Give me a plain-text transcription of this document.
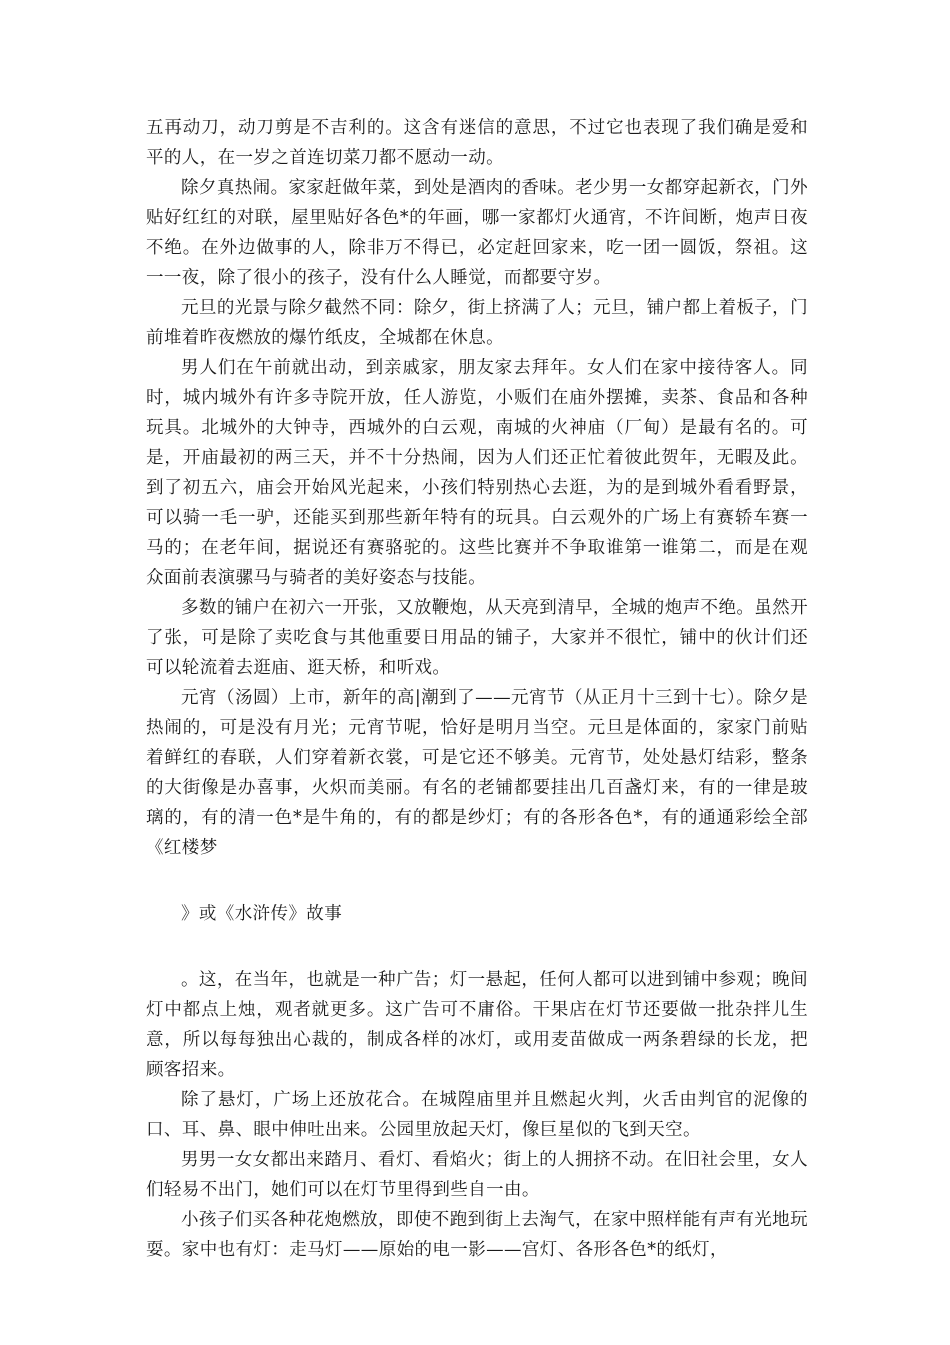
五再动刀，动刀剪是不吉利的。这含有迷信的意思，不过它也表现了我们确是爱和平的人，在一岁之首连切菜刀都不愿动一动。

除夕真热闹。家家赶做年菜，到处是酒肉的香味。老少男一女都穿起新衣，门外贴好红红的对联，屋里贴好各色*的年画，哪一家都灯火通宵，不许间断，炮声日夜不绝。在外边做事的人，除非万不得已，必定赶回家来，吃一团一圆饭，祭祖。这一一夜，除了很小的孩子，没有什么人睡觉，而都要守岁。

元旦的光景与除夕截然不同：除夕，街上挤满了人；元旦，铺户都上着板子，门前堆着昨夜燃放的爆竹纸皮，全城都在休息。

男人们在午前就出动，到亲戚家，朋友家去拜年。女人们在家中接待客人。同时，城内城外有许多寺院开放，任人游览，小贩们在庙外摆摊，卖茶、食品和各种玩具。北城外的大钟寺，西城外的白云观，南城的火神庙（厂甸）是最有名的。可是，开庙最初的两三天，并不十分热闹，因为人们还正忙着彼此贺年，无暇及此。到了初五六，庙会开始风光起来，小孩们特别热心去逛，为的是到城外看看野景，可以骑一毛一驴，还能买到那些新年特有的玩具。白云观外的广场上有赛轿车赛一马的；在老年间，据说还有赛骆驼的。这些比赛并不争取谁第一谁第二，而是在观众面前表演骡马与骑者的美好姿态与技能。

多数的铺户在初六一开张，又放鞭炮，从天亮到清早，全城的炮声不绝。虽然开了张，可是除了卖吃食与其他重要日用品的铺子，大家并不很忙，铺中的伙计们还可以轮流着去逛庙、逛天桥，和听戏。

元宵（汤圆）上市，新年的高|潮到了——元宵节（从正月十三到十七）。除夕是热闹的，可是没有月光；元宵节呢，恰好是明月当空。元旦是体面的，家家门前贴着鲜红的春联，人们穿着新衣裳，可是它还不够美。元宵节，处处悬灯结彩，整条的大街像是办喜事，火炽而美丽。有名的老铺都要挂出几百盏灯来，有的一律是玻璃的，有的清一色*是牛角的，有的都是纱灯；有的各形各色*，有的通通彩绘全部《红楼梦

》或《水浒传》故事

。这，在当年，也就是一种广告；灯一悬起，任何人都可以进到铺中参观；晚间灯中都点上烛，观者就更多。这广告可不庸俗。干果店在灯节还要做一批杂拌儿生意，所以每每独出心裁的，制成各样的冰灯，或用麦苗做成一两条碧绿的长龙，把顾客招来。

除了悬灯，广场上还放花合。在城隍庙里并且燃起火判，火舌由判官的泥像的口、耳、鼻、眼中伸吐出来。公园里放起天灯，像巨星似的飞到天空。

男男一女女都出来踏月、看灯、看焰火；街上的人拥挤不动。在旧社会里，女人们轻易不出门，她们可以在灯节里得到些自一由。

小孩子们买各种花炮燃放，即使不跑到街上去淘气，在家中照样能有声有光地玩耍。家中也有灯：走马灯——原始的电一影——宫灯、各形各色*的纸灯，
